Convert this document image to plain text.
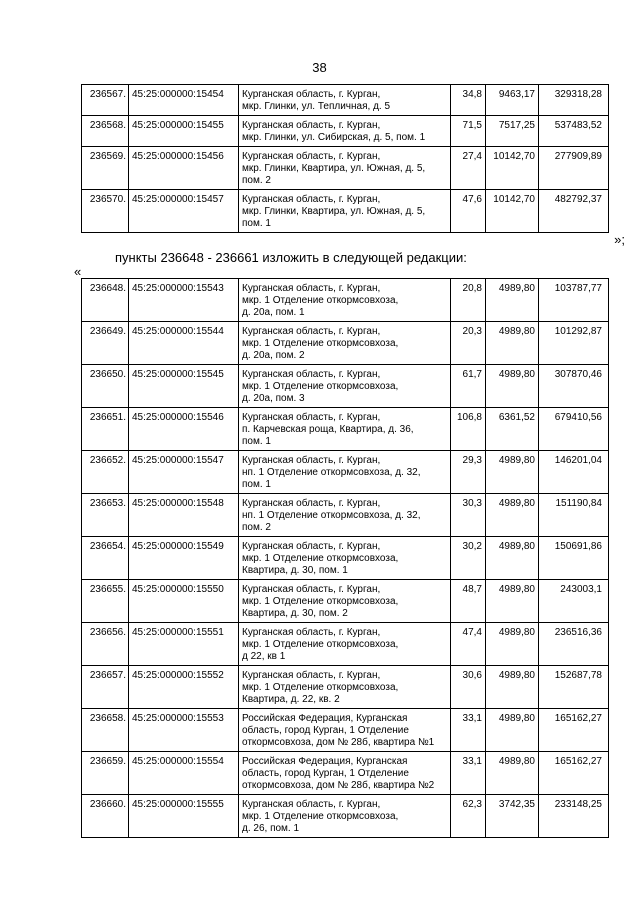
38
236567.	45:25:000000:15454	Курганская область, г. Курган,
мкр. Глинки, ул. Тепличная, д. 5	34,8	9463,17	329318,28
236568.	45:25:000000:15455	Курганская область, г. Курган,
мкр. Глинки, ул. Сибирская, д. 5, пом. 1	71,5	7517,25	537483,52
236569.	45:25:000000:15456	Курганская область, г. Курган,
мкр. Глинки, Квартира, ул. Южная, д. 5,
пом. 2	27,4	10142,70	277909,89
236570.	45:25:000000:15457	Курганская область, г. Курган,
мкр. Глинки, Квартира, ул. Южная, д. 5,
пом. 1	47,6	10142,70	482792,37
»;
пункты 236648 - 236661 изложить в следующей редакции:
«
236648.	45:25:000000:15543	Курганская область, г. Курган,
мкр. 1 Отделение откормсовхоза,
д. 20а, пом. 1	20,8	4989,80	103787,77
236649.	45:25:000000:15544	Курганская область, г. Курган,
мкр. 1 Отделение откормсовхоза,
д. 20а, пом. 2	20,3	4989,80	101292,87
236650.	45:25:000000:15545	Курганская область, г. Курган,
мкр. 1 Отделение откормсовхоза,
д. 20а, пом. 3	61,7	4989,80	307870,46
236651.	45:25:000000:15546	Курганская область, г. Курган,
п. Карчевская роща, Квартира, д. 36,
пом. 1	106,8	6361,52	679410,56
236652.	45:25:000000:15547	Курганская область, г. Курган,
нп. 1 Отделение откормсовхоза, д. 32,
пом. 1	29,3	4989,80	146201,04
236653.	45:25:000000:15548	Курганская область, г. Курган,
нп. 1 Отделение откормсовхоза, д. 32,
пом. 2	30,3	4989,80	151190,84
236654.	45:25:000000:15549	Курганская область, г. Курган,
мкр. 1 Отделение откормсовхоза,
Квартира, д. 30, пом. 1	30,2	4989,80	150691,86
236655.	45:25:000000:15550	Курганская область, г. Курган,
мкр. 1 Отделение откормсовхоза,
Квартира, д. 30, пом. 2	48,7	4989,80	243003,1
236656.	45:25:000000:15551	Курганская область, г. Курган,
мкр. 1 Отделение откормсовхоза,
д 22, кв 1	47,4	4989,80	236516,36
236657.	45:25:000000:15552	Курганская область, г. Курган,
мкр. 1 Отделение откормсовхоза,
Квартира, д. 22, кв. 2	30,6	4989,80	152687,78
236658.	45:25:000000:15553	Российская Федерация, Курганская
область, город Курган, 1 Отделение
откормсовхоза, дом № 28б, квартира №1	33,1	4989,80	165162,27
236659.	45:25:000000:15554	Российская Федерация, Курганская
область, город Курган, 1 Отделение
откормсовхоза, дом № 28б, квартира №2	33,1	4989,80	165162,27
236660.	45:25:000000:15555	Курганская область, г. Курган,
мкр. 1 Отделение откормсовхоза,
д. 26, пом. 1	62,3	3742,35	233148,25
